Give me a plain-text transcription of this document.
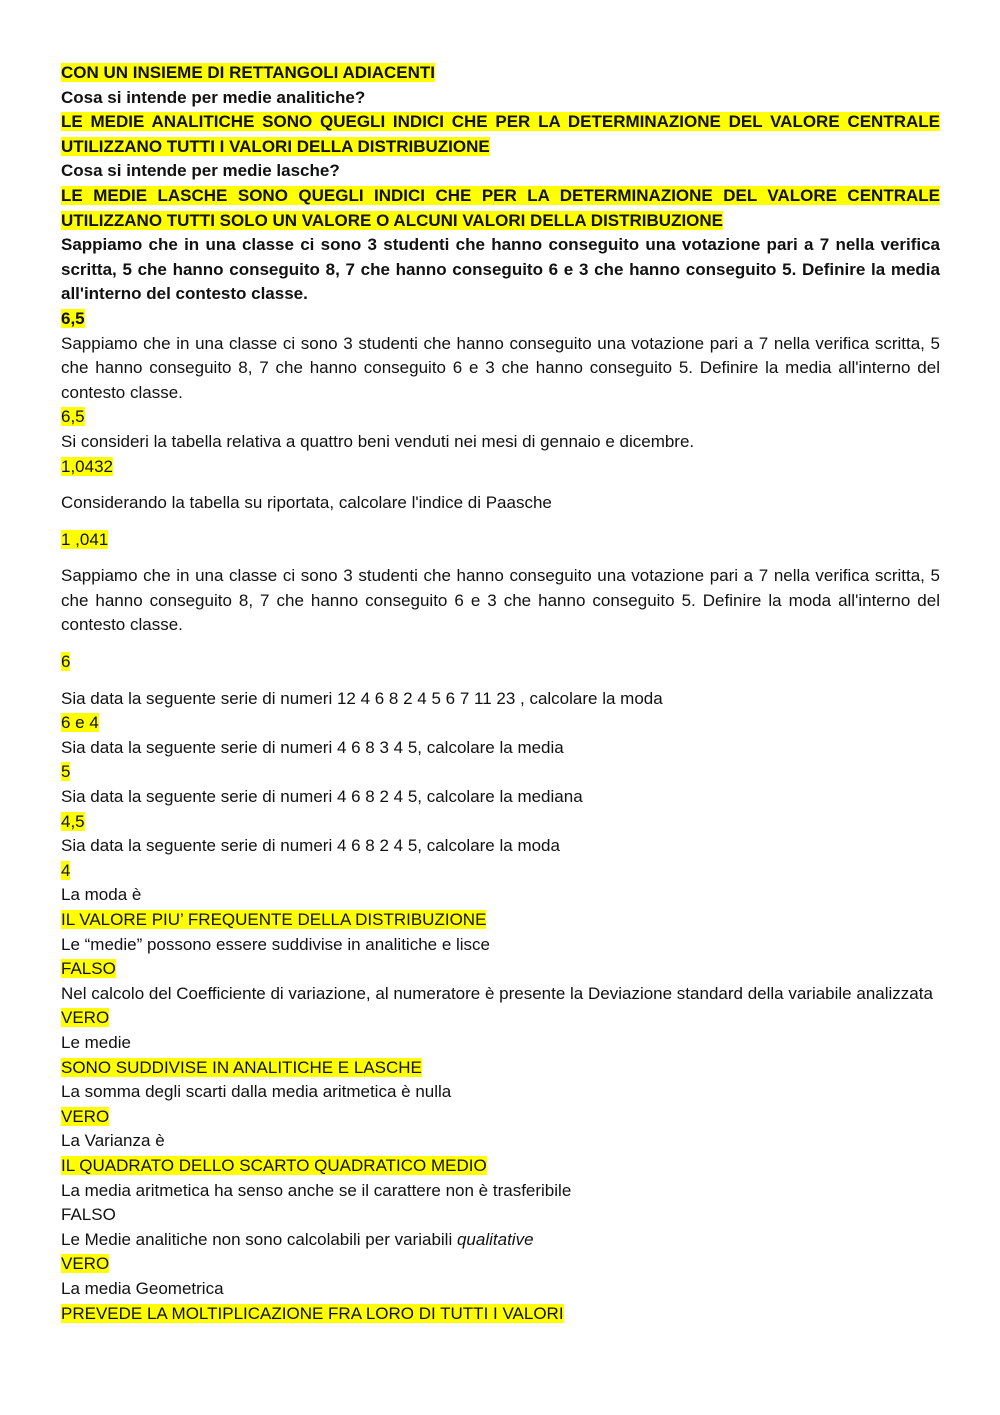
CON UN INSIEME DI RETTANGOLI ADIACENTI

Cosa si intende per medie analitiche?

LE MEDIE ANALITICHE SONO QUEGLI INDICI CHE PER LA DETERMINAZIONE DEL VALORE CENTRALE UTILIZZANO TUTTI I VALORI DELLA DISTRIBUZIONE

Cosa si intende per medie lasche?

LE MEDIE LASCHE SONO QUEGLI INDICI CHE PER LA DETERMINAZIONE DEL VALORE CENTRALE UTILIZZANO TUTTI SOLO UN VALORE O ALCUNI VALORI DELLA DISTRIBUZIONE

Sappiamo che in una classe ci sono 3 studenti che hanno conseguito una votazione pari a 7 nella verifica scritta, 5 che hanno conseguito 8, 7 che hanno conseguito 6 e 3 che hanno conseguito 5. Definire la media all'interno del contesto classe.

6,5

Sappiamo che in una classe ci sono 3 studenti che hanno conseguito una votazione pari a 7 nella verifica scritta, 5 che hanno conseguito 8, 7 che hanno conseguito 6 e 3 che hanno conseguito 5. Definire la media all'interno del contesto classe.

6,5

Si consideri la tabella relativa a quattro beni venduti nei mesi di gennaio e dicembre.

1,0432

Considerando la tabella su riportata, calcolare l'indice di Paasche

1 ,041

Sappiamo che in una classe ci sono 3 studenti che hanno conseguito una votazione pari a 7 nella verifica scritta, 5 che hanno conseguito 8, 7 che hanno conseguito 6 e 3 che hanno conseguito 5. Definire la moda all'interno del contesto classe.

6

Sia data la seguente serie di numeri 12 4 6 8 2 4 5 6 7 11 23 , calcolare la moda

6 e 4

Sia data la seguente serie di numeri 4 6 8 3 4 5, calcolare la media

5

Sia data la seguente serie di numeri 4 6 8 2 4 5, calcolare la mediana

4,5

Sia data la seguente serie di numeri 4 6 8 2 4 5, calcolare la moda

4

La moda è

IL VALORE PIU’ FREQUENTE DELLA DISTRIBUZIONE

Le “medie” possono essere suddivise in analitiche e lisce

FALSO

Nel calcolo del Coefficiente di variazione, al numeratore è presente la Deviazione standard della variabile analizzata

VERO

Le medie

SONO SUDDIVISE IN ANALITICHE E LASCHE

La somma degli scarti dalla media aritmetica è nulla

VERO

La Varianza è

IL QUADRATO DELLO SCARTO QUADRATICO MEDIO

La media aritmetica ha senso anche se il carattere non è trasferibile

FALSO

Le Medie analitiche non sono calcolabili per variabili qualitative

VERO

La media Geometrica

PREVEDE LA MOLTIPLICAZIONE FRA LORO DI TUTTI I VALORI
